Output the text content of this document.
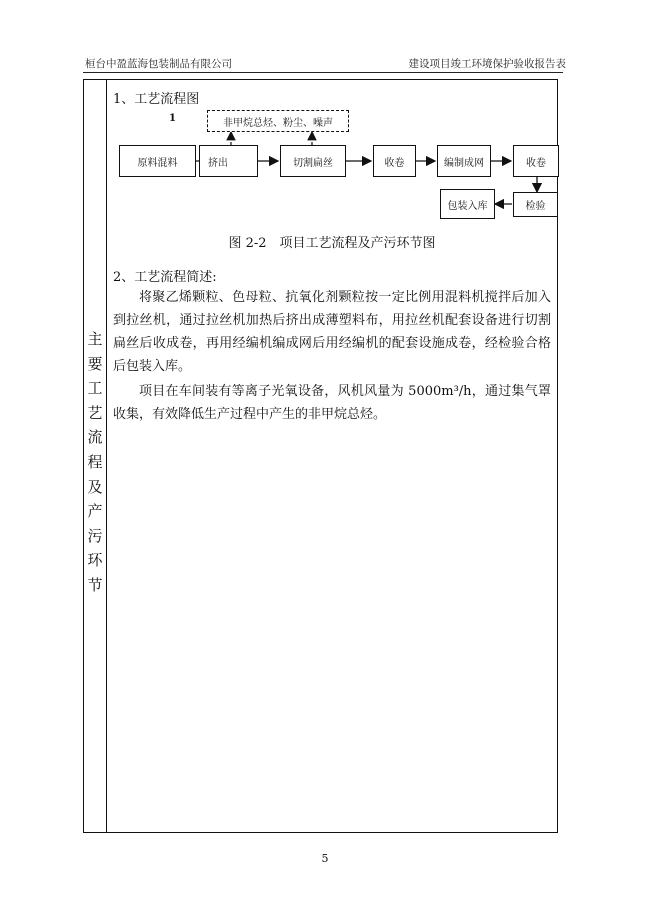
桓台中盈蓝海包装制品有限公司	建设项目竣工环境保护验收报告表
主
要
工
艺
流
程
及
产
污
环
节
1、工艺流程图
1	非甲烷总烃、粉尘、噪声
原料混料	挤出	切割扁丝	收卷	编制成网	收卷
检验
包装入库
图 2-2　项目工艺流程及产污环节图
2、工艺流程简述:
将聚乙烯颗粒、色母粒、抗氧化剂颗粒按一定比例用混料机搅拌后加入到拉丝机，通过拉丝机加热后挤出成薄塑料布，用拉丝机配套设备进行切割扁丝后收成卷，再用经编机编成网后用经编机的配套设施成卷，经检验合格后包装入库。
项目在车间装有等离子光氧设备，风机风量为 5000m³/h，通过集气罩收集，有效降低生产过程中产生的非甲烷总烃。
5
